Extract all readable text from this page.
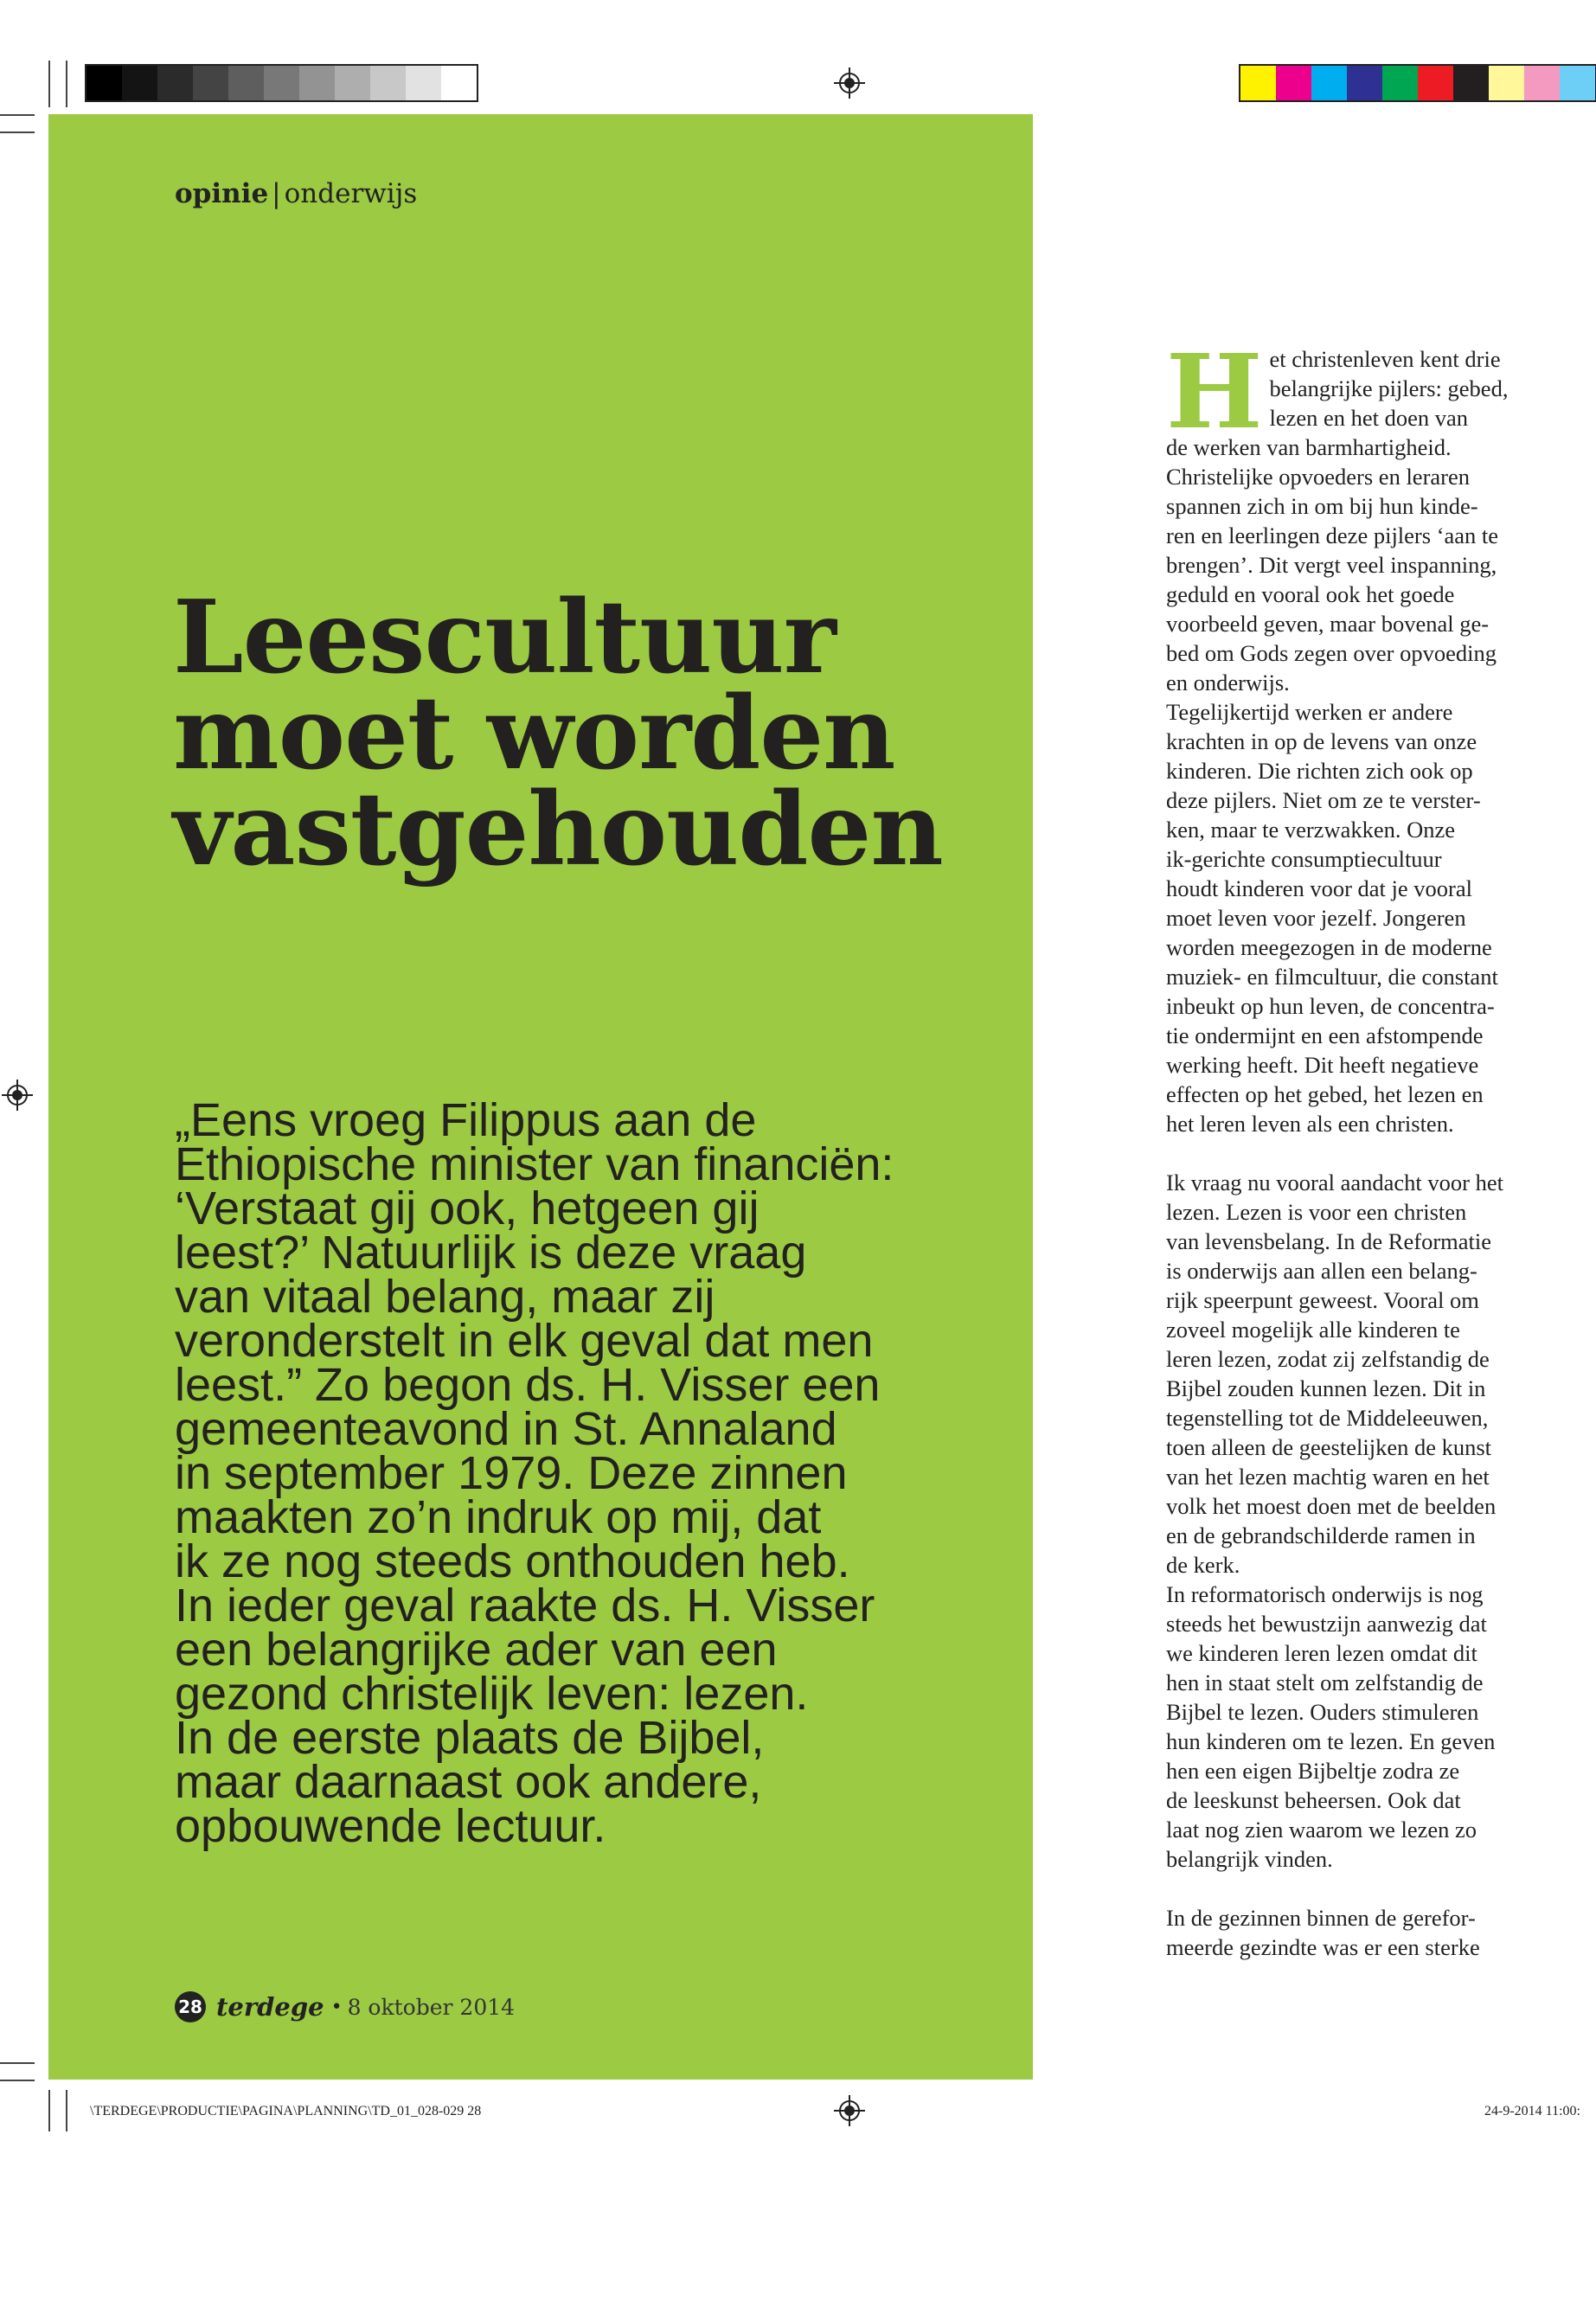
opinie | onderwijs
Leescultuur
moet worden
vastgehouden
„Eens vroeg Filippus aan de
Ethiopische minister van financiën:
‘Verstaat gij ook, hetgeen gij
leest?’ Natuurlijk is deze vraag
van vitaal belang, maar zij
veronderstelt in elk geval dat men
leest.” Zo begon ds. H. Visser een
gemeenteavond in St. Annaland
in september 1979. Deze zinnen
maakten zo’n indruk op mij, dat
ik ze nog steeds onthouden heb.
In ieder geval raakte ds. H. Visser
een belangrijke ader van een
gezond christelijk leven: lezen.
In de eerste plaats de Bijbel,
maar daarnaast ook andere,
opbouwende lectuur.
28 terdege • 8 oktober 2014
H et christenleven kent drie
belangrijke pijlers: gebed,
lezen en het doen van
de werken van barmhartigheid.
Christelijke opvoeders en leraren
spannen zich in om bij hun kinde-
ren en leerlingen deze pijlers ‘aan te
brengen’. Dit vergt veel inspanning,
geduld en vooral ook het goede
voorbeeld geven, maar bovenal ge-
bed om Gods zegen over opvoeding
en onderwijs.

Tegelijkertijd werken er andere
krachten in op de levens van onze
kinderen. Die richten zich ook op
deze pijlers. Niet om ze te verster-
ken, maar te verzwakken. Onze
ik-gerichte consumptiecultuur
houdt kinderen voor dat je vooral
moet leven voor jezelf. Jongeren
worden meegezogen in de moderne
muziek- en filmcultuur, die constant
inbeukt op hun leven, de concentra-
tie ondermijnt en een afstompende
werking heeft. Dit heeft negatieve
effecten op het gebed, het lezen en
het leren leven als een christen.

Ik vraag nu vooral aandacht voor het
lezen. Lezen is voor een christen
van levensbelang. In de Reformatie
is onderwijs aan allen een belang-
rijk speerpunt geweest. Vooral om
zoveel mogelijk alle kinderen te
leren lezen, zodat zij zelfstandig de
Bijbel zouden kunnen lezen. Dit in
tegenstelling tot de Middeleeuwen,
toen alleen de geestelijken de kunst
van het lezen machtig waren en het
volk het moest doen met de beelden
en de gebrandschilderde ramen in
de kerk.

In reformatorisch onderwijs is nog
steeds het bewustzijn aanwezig dat
we kinderen leren lezen omdat dit
hen in staat stelt om zelfstandig de
Bijbel te lezen. Ouders stimuleren
hun kinderen om te lezen. En geven
hen een eigen Bijbeltje zodra ze
de leeskunst beheersen. Ook dat
laat nog zien waarom we lezen zo
belangrijk vinden.

In de gezinnen binnen de gerefor-
meerde gezindte was er een sterke

\TERDEGE\PRODUCTIE\PAGINA\PLANNING\TD_01_028-029 28	24-9-2014 11:00:
